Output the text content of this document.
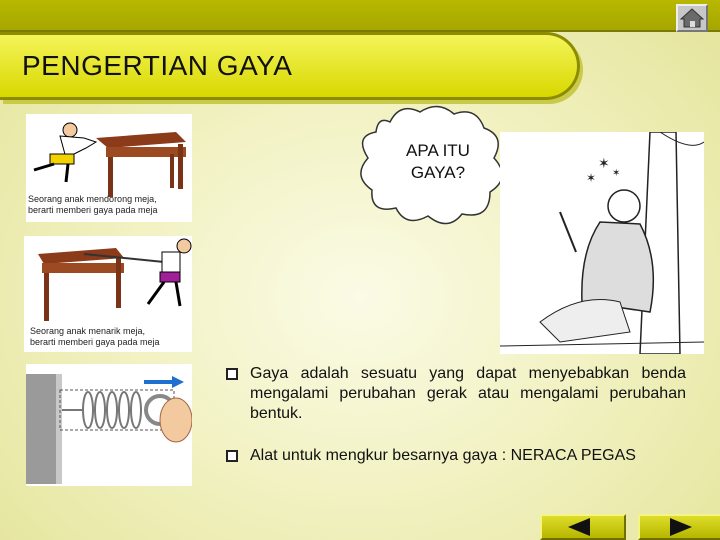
PENGERTIAN GAYA
Seorang anak mendorong meja,
berarti memberi gaya pada meja
Seorang anak menarik meja,
berarti memberi gaya pada meja
APA ITU
GAYA?	✶
✶ ✶

Gaya adalah sesuatu yang dapat menyebabkan benda mengalami perubahan gerak atau mengalami perubahan bentuk.

Alat untuk mengkur besarnya gaya : NERACA PEGAS
